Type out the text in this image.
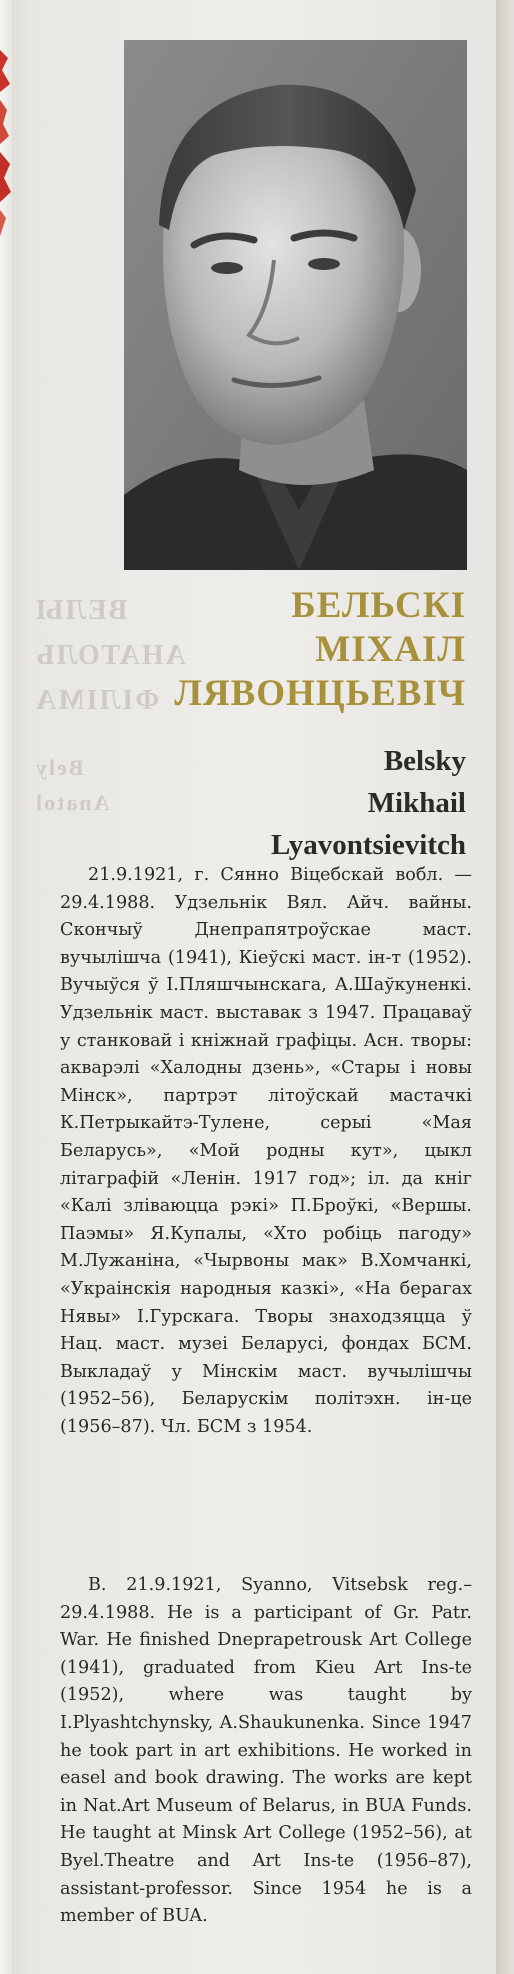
ВЕЛЫ
АНАТОЛЬ
ФІЛІМА
Bely
Anatol
БЕЛЬСКІ
МІХАІЛ
ЛЯВОНЦЬЕВІЧ
Belsky
Mikhail
Lyavontsievitch

21.9.1921, г. Сянно Віцебскай вобл. — 29.4.1988. Удзельнік Вял. Айч. вайны. Скончыў Днепрапятроўскае маст. вучылішча (1941), Кіеўскі маст. ін-т (1952). Вучыўся ў І.Пляшчынскага, А.Шаўкуненкі. Удзельнік маст. выставак з 1947. Працаваў у станковай і кніжнай графіцы. Асн. творы: акварэлі «Халодны дзень», «Стары і новы Мінск», партрэт літоўскай мастачкі К.Петрыкайтэ-Тулене, серыі «Мая Беларусь», «Мой родны кут», цыкл літаграфій «Ленін. 1917 год»; іл. да кніг «Калі зліваюцца рэкі» П.Броўкі, «Вершы. Паэмы» Я.Купалы, «Хто робіць пагоду» М.Лужаніна, «Чырвоны мак» В.Хомчанкі, «Украінскія народныя казкі», «На берагах Нявы» І.Гурскага. Творы знаходзяцца ў Нац. маст. музеі Беларусі, фондах БСМ. Выкладаў у Мінскім маст. вучылішчы (1952–56), Беларускім політэхн. ін-це (1956–87). Чл. БСМ з 1954.

B. 21.9.1921, Syanno, Vitsebsk reg.–29.4.1988. He is a participant of Gr. Patr. War. He finished Dneprapetrousk Art College (1941), graduated from Kieu Art Ins-te (1952), where was taught by I.Plyashtchynsky, A.Shaukunenka. Since 1947 he took part in art exhibitions. He worked in easel and book drawing. The works are kept in Nat.Art Museum of Belarus, in BUA Funds. He taught at Minsk Art College (1952–56), at Byel.Theatre and Art Ins-te (1956–87), assistant-professor. Since 1954 he is a member of BUA.
